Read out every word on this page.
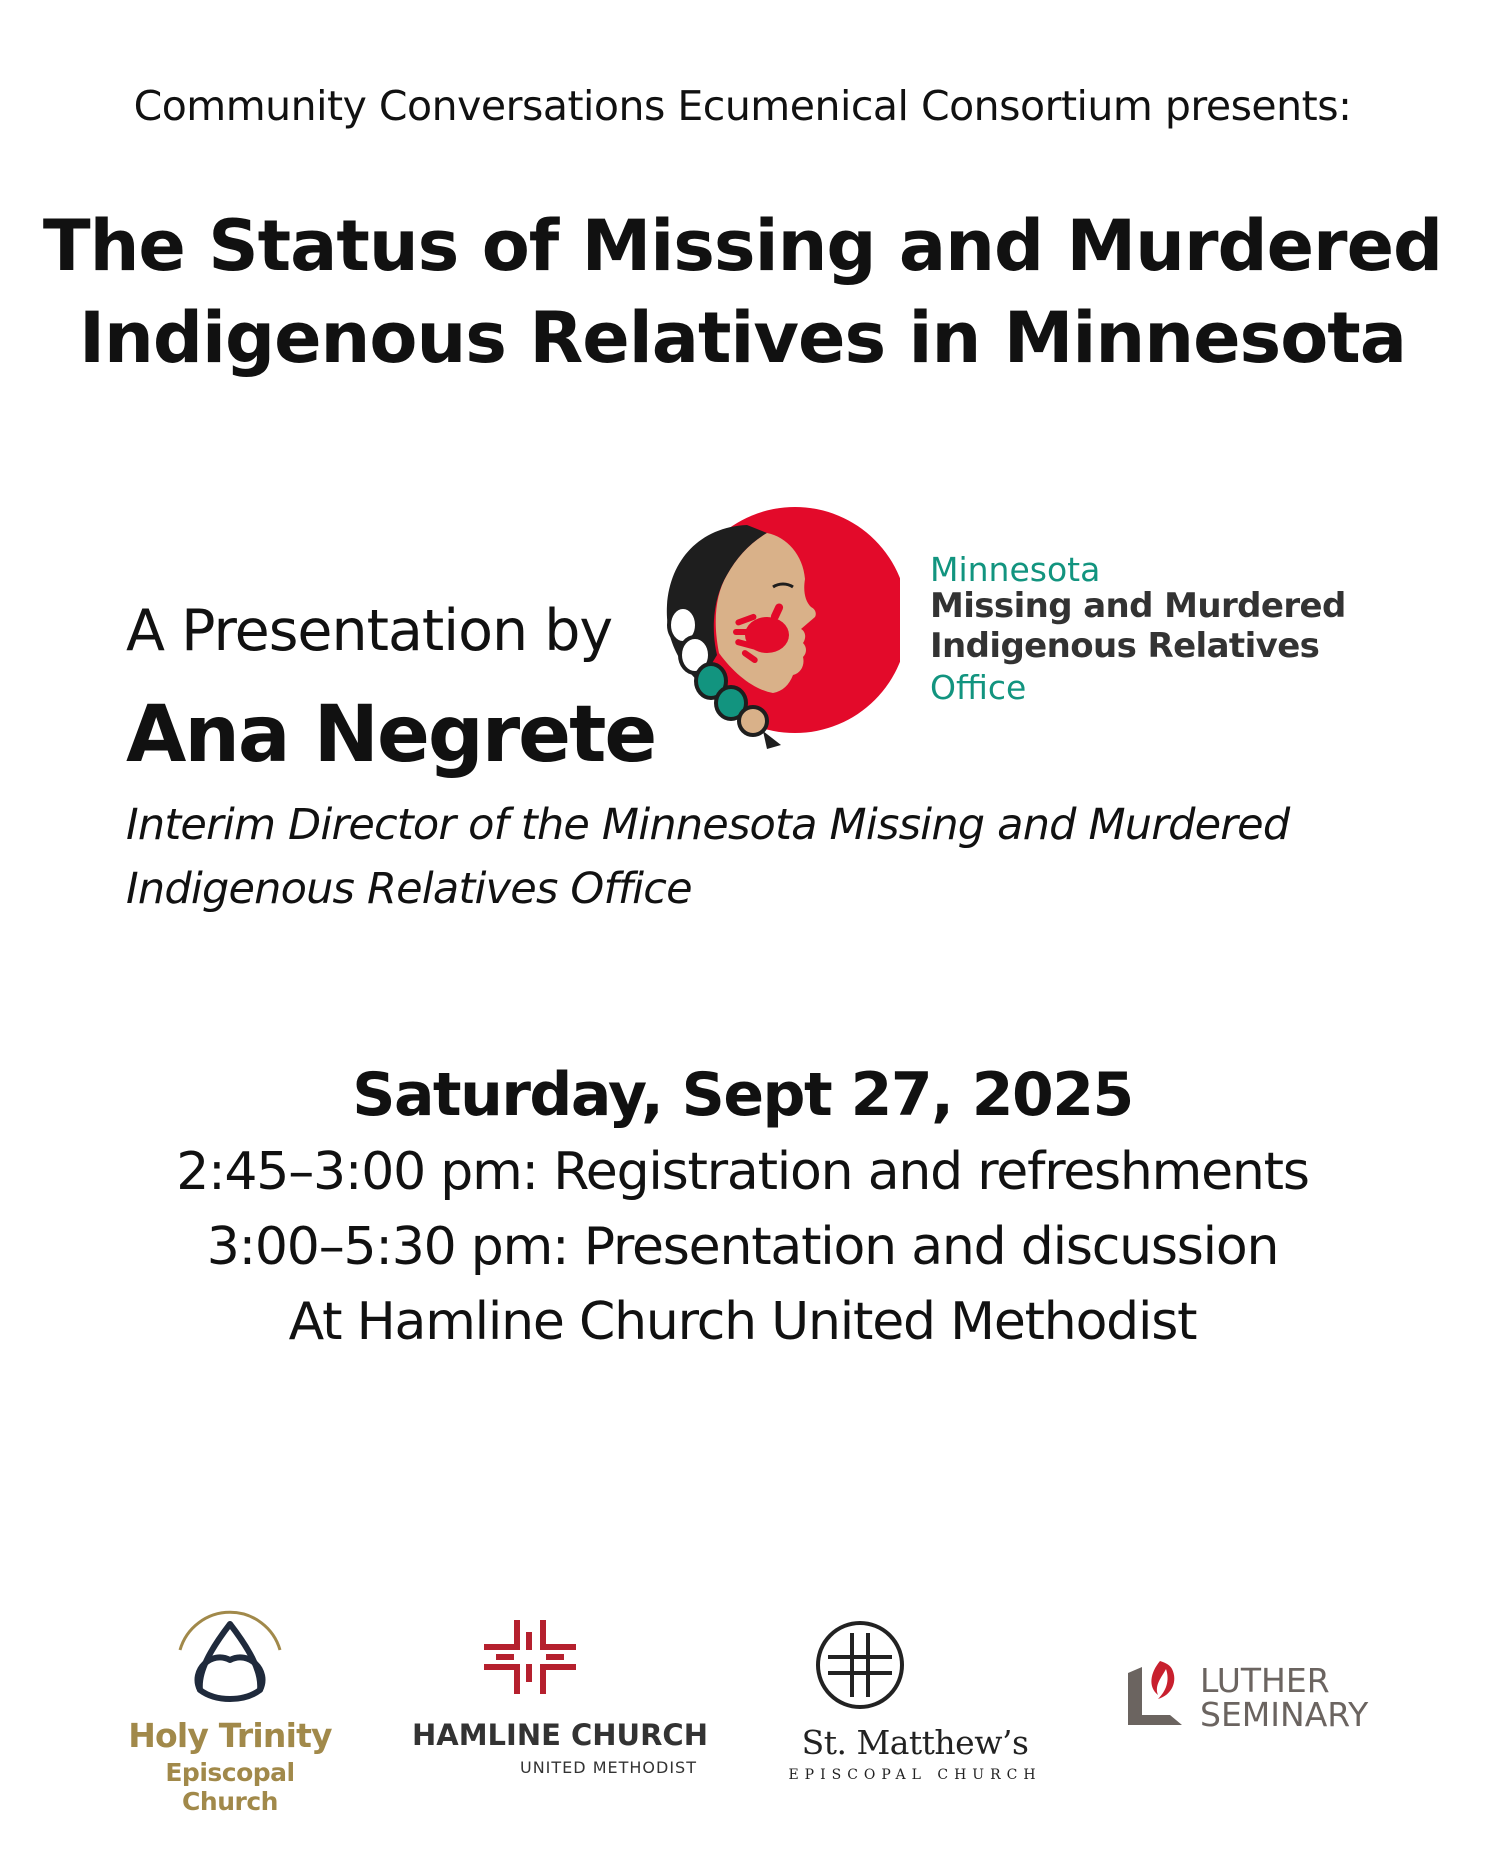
Community Conversations Ecumenical Consortium presents:
The Status of Missing and Murdered
Indigenous Relatives in Minnesota
A Presentation by
Ana Negrete
Interim Director of the Minnesota Missing and Murdered
Indigenous Relatives Office
Minnesota
Missing and Murdered
Indigenous Relatives
Office
Saturday, Sept 27, 2025
2:45–3:00 pm: Registration and refreshments
3:00–5:30 pm: Presentation and discussion
At Hamline Church United Methodist
Holy Trinity
Episcopal Church
HAMLINE CHURCH
UNITED METHODIST
St. Matthew’s
EPISCOPAL CHURCH
LUTHER
SEMINARY
